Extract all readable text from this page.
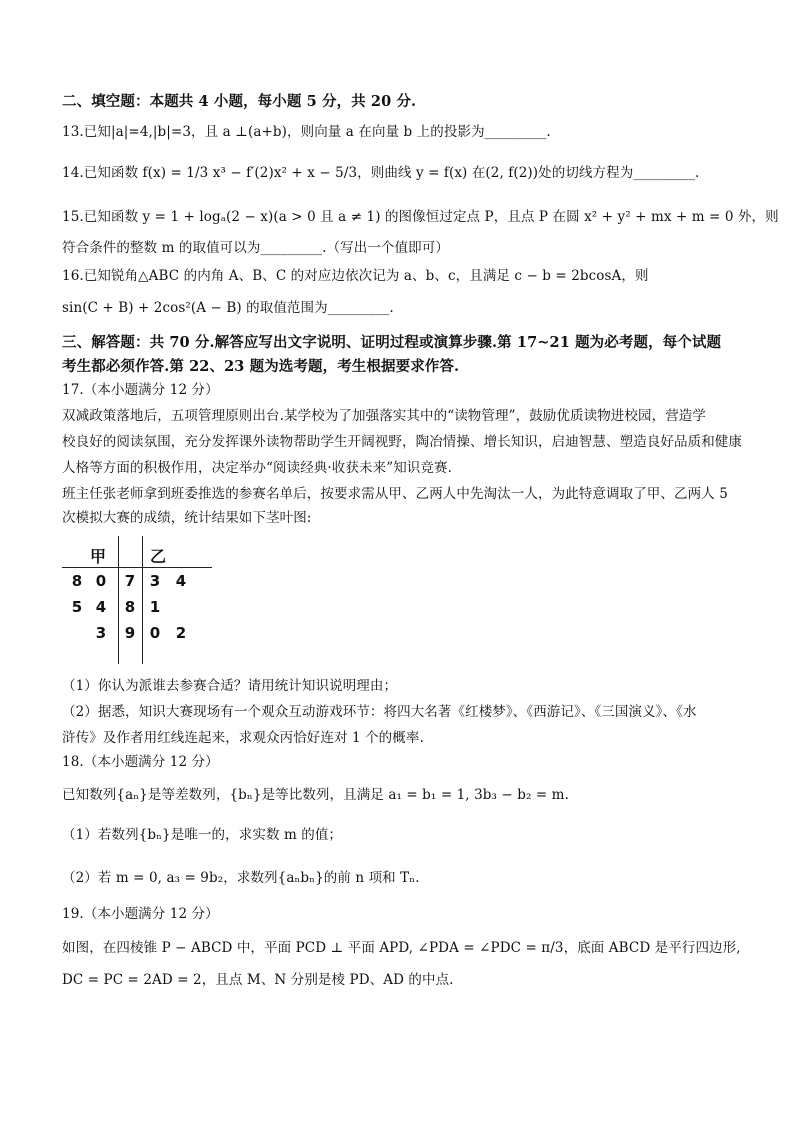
二、填空题：本题共 4 小题，每小题 5 分，共 20 分.
13.已知|a|=4,|b|=3，且 a ⊥(a+b)，则向量 a 在向量 b 上的投影为_________.
14.已知函数 f(x) = 1/3 x³ − f′(2)x² + x − 5/3，则曲线 y = f(x) 在(2, f(2))处的切线方程为_________.
15.已知函数 y = 1 + logₐ(2 − x)(a > 0 且 a ≠ 1) 的图像恒过定点 P，且点 P 在圆 x² + y² + mx + m = 0 外，则
符合条件的整数 m 的取值可以为_________.（写出一个值即可）
16.已知锐角△ABC 的内角 A、B、C 的对应边依次记为 a、b、c，且满足 c − b = 2bcosA，则
sin(C + B) + 2cos²(A − B) 的取值范围为_________.
三、解答题：共 70 分.解答应写出文字说明、证明过程或演算步骤.第 17~21 题为必考题，每个试题
考生都必须作答.第 22、23 题为选考题，考生根据要求作答.
17.（本小题满分 12 分）
双减政策落地后，五项管理原则出台.某学校为了加强落实其中的“读物管理”，鼓励优质读物进校园，营造学
校良好的阅读氛围，充分发挥课外读物帮助学生开阔视野，陶冶情操、增长知识，启迪智慧、塑造良好品质和健康
人格等方面的积极作用，决定举办“阅读经典·收获未来”知识竞赛.
班主任张老师拿到班委推选的参赛名单后，按要求需从甲、乙两人中先淘汰一人，为此特意调取了甲、乙两人 5
次模拟大赛的成绩，统计结果如下茎叶图:
甲	乙
8 0 7 3 4
5 4 8 1
3 9 0 2
（1）你认为派谁去参赛合适？请用统计知识说明理由；
（2）据悉，知识大赛现场有一个观众互动游戏环节：将四大名著《红楼梦》、《西游记》、《三国演义》、《水
浒传》及作者用红线连起来，求观众丙恰好连对 1 个的概率.
18.（本小题满分 12 分）
已知数列{aₙ}是等差数列，{bₙ}是等比数列，且满足 a₁ = b₁ = 1, 3b₃ − b₂ = m.
（1）若数列{bₙ}是唯一的，求实数 m 的值；
（2）若 m = 0, a₃ = 9b₂，求数列{aₙbₙ}的前 n 项和 Tₙ.
19.（本小题满分 12 分）
如图，在四棱锥 P − ABCD 中，平面 PCD ⊥ 平面 APD, ∠PDA = ∠PDC = π/3，底面 ABCD 是平行四边形,
DC = PC = 2AD = 2，且点 M、N 分别是棱 PD、AD 的中点.
